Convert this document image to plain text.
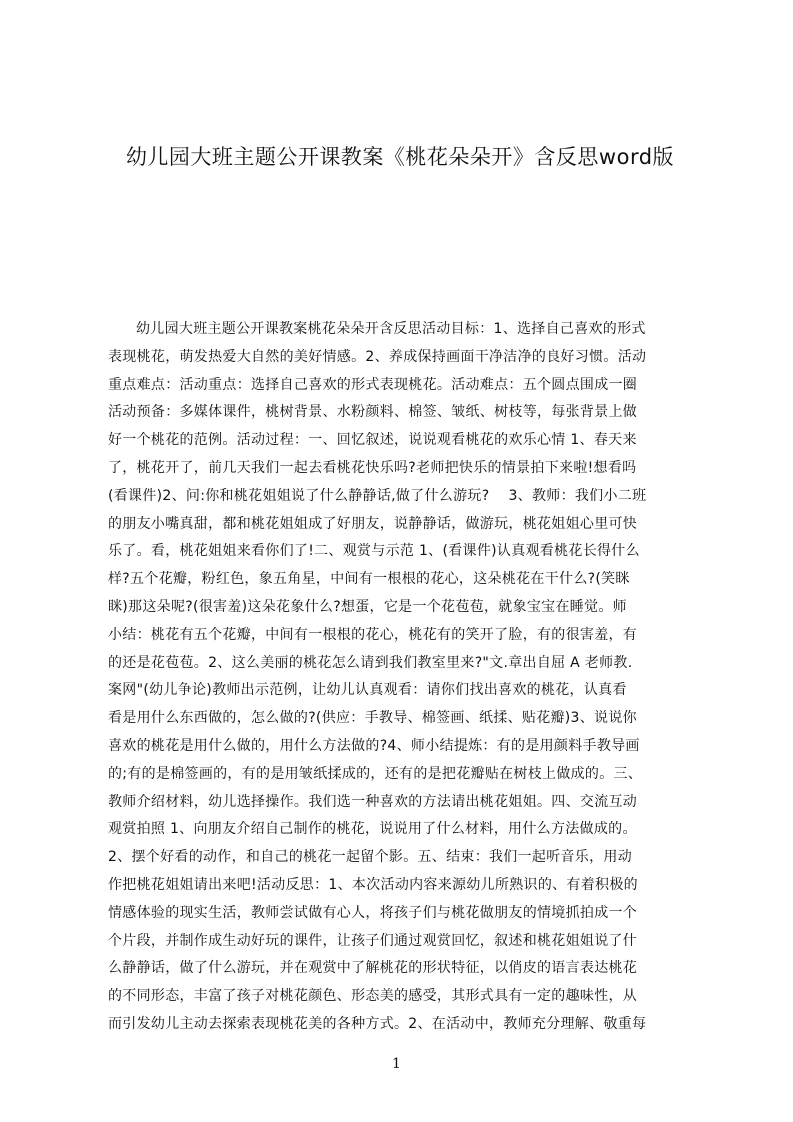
幼儿园大班主题公开课教案《桃花朵朵开》含反思word版
幼儿园大班主题公开课教案桃花朵朵开含反思活动目标：1、选择自己喜欢的形式
表现桃花，萌发热爱大自然的美好情感。2、养成保持画面干净洁净的良好习惯。活动
重点难点：活动重点：选择自己喜欢的形式表现桃花。活动难点：五个圆点围成一圈
活动预备：多媒体课件，桃树背景、水粉颜料、棉签、皱纸、树枝等，每张背景上做
好一个桃花的范例。活动过程：一、回忆叙述，说说观看桃花的欢乐心情 1、春天来
了，桃花开了，前几天我们一起去看桃花快乐吗?老师把快乐的情景拍下来啦!想看吗
(看课件)2、问:你和桃花姐姐说了什么静静话,做了什么游玩?　 3、教师：我们小二班
的朋友小嘴真甜，都和桃花姐姐成了好朋友，说静静话，做游玩，桃花姐姐心里可快
乐了。看，桃花姐姐来看你们了!二、观赏与示范 1、(看课件)认真观看桃花长得什么
样?五个花瓣，粉红色，象五角星，中间有一根根的花心，这朵桃花在干什么?(笑眯
眯)那这朵呢?(很害羞)这朵花象什么?想蛋，它是一个花苞苞，就象宝宝在睡觉。师
小结：桃花有五个花瓣，中间有一根根的花心，桃花有的笑开了脸，有的很害羞，有
的还是花苞苞。2、这么美丽的桃花怎么请到我们教室里来?"文.章出自屈 A 老师教.
案网"(幼儿争论)教师出示范例，让幼儿认真观看：请你们找出喜欢的桃花，认真看
看是用什么东西做的，怎么做的?(供应：手教导、棉签画、纸揉、贴花瓣)3、说说你
喜欢的桃花是用什么做的，用什么方法做的?4、师小结提炼：有的是用颜料手教导画
的;有的是棉签画的，有的是用皱纸揉成的，还有的是把花瓣贴在树枝上做成的。三、
教师介绍材料，幼儿选择操作。我们选一种喜欢的方法请出桃花姐姐。四、交流互动
观赏拍照 1、向朋友介绍自己制作的桃花，说说用了什么材料，用什么方法做成的。
2、摆个好看的动作，和自己的桃花一起留个影。五、结束：我们一起听音乐，用动
作把桃花姐姐请出来吧!活动反思：1、本次活动内容来源幼儿所熟识的、有着积极的
情感体验的现实生活，教师尝试做有心人，将孩子们与桃花做朋友的情境抓拍成一个
个片段，并制作成生动好玩的课件，让孩子们通过观赏回忆，叙述和桃花姐姐说了什
么静静话，做了什么游玩，并在观赏中了解桃花的形状特征，以俏皮的语言表达桃花
的不同形态，丰富了孩子对桃花颜色、形态美的感受，其形式具有一定的趣味性，从
而引发幼儿主动去探索表现桃花美的各种方式。2、在活动中，教师充分理解、敬重每
1
